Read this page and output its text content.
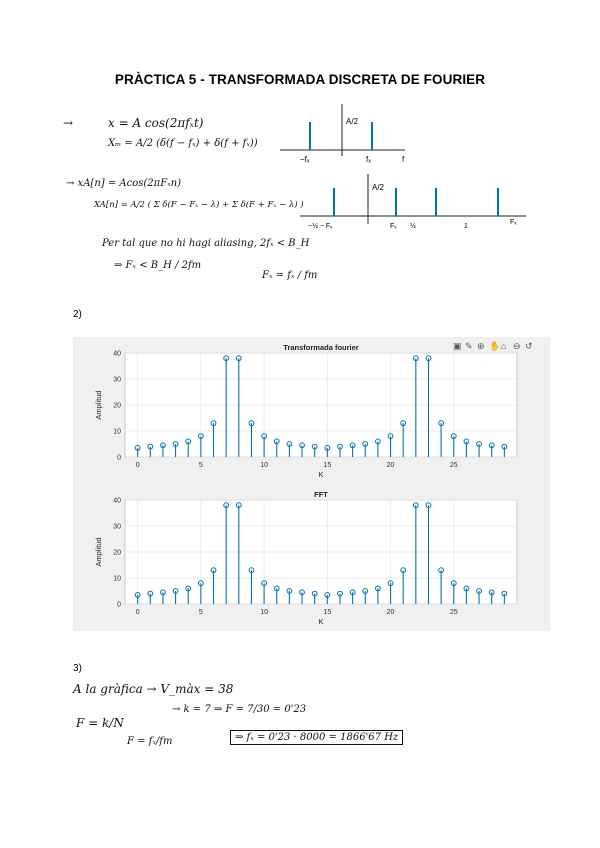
PRÀCTICA 5 - TRANSFORMADA DISCRETA DE FOURIER
→	x = A cos(2πfₓt)
Xₘ = A/2 (δ(f − fₓ) + δ(f + fₓ))
A/2
−fₓ	fₓ	f
→ xA[n] = Acos(2πFₓn)
XA[n] = A/2 ( Σ δ(F − Fₓ − λ) + Σ δ(F + Fₓ − λ) )
A/2
−½ − Fₓ	Fₓ ½	1
Fₓ
Per tal que no hi hagi aliasing, 2fₓ < B_H
⇒ Fₓ < B_H / 2fm
Fₓ = fₓ / fm
2)
▣ ✎ ⊕ ✋ ⌂ ⊖ ↺
0	5	10	15	20	25
0
10
20
30
40
Transformada fourier
K
Amplitud
0	5	10	15	20	25
0
10
20
30
40
FFT
K
Amplitud
3)
A la gràfica → V_màx = 38
→ k = 7 ⇒ F = 7/30 = 0'23
F = k/N
F = fₓ/fm	⇒ fₓ = 0'23 · 8000 = 1866'67 Hz
